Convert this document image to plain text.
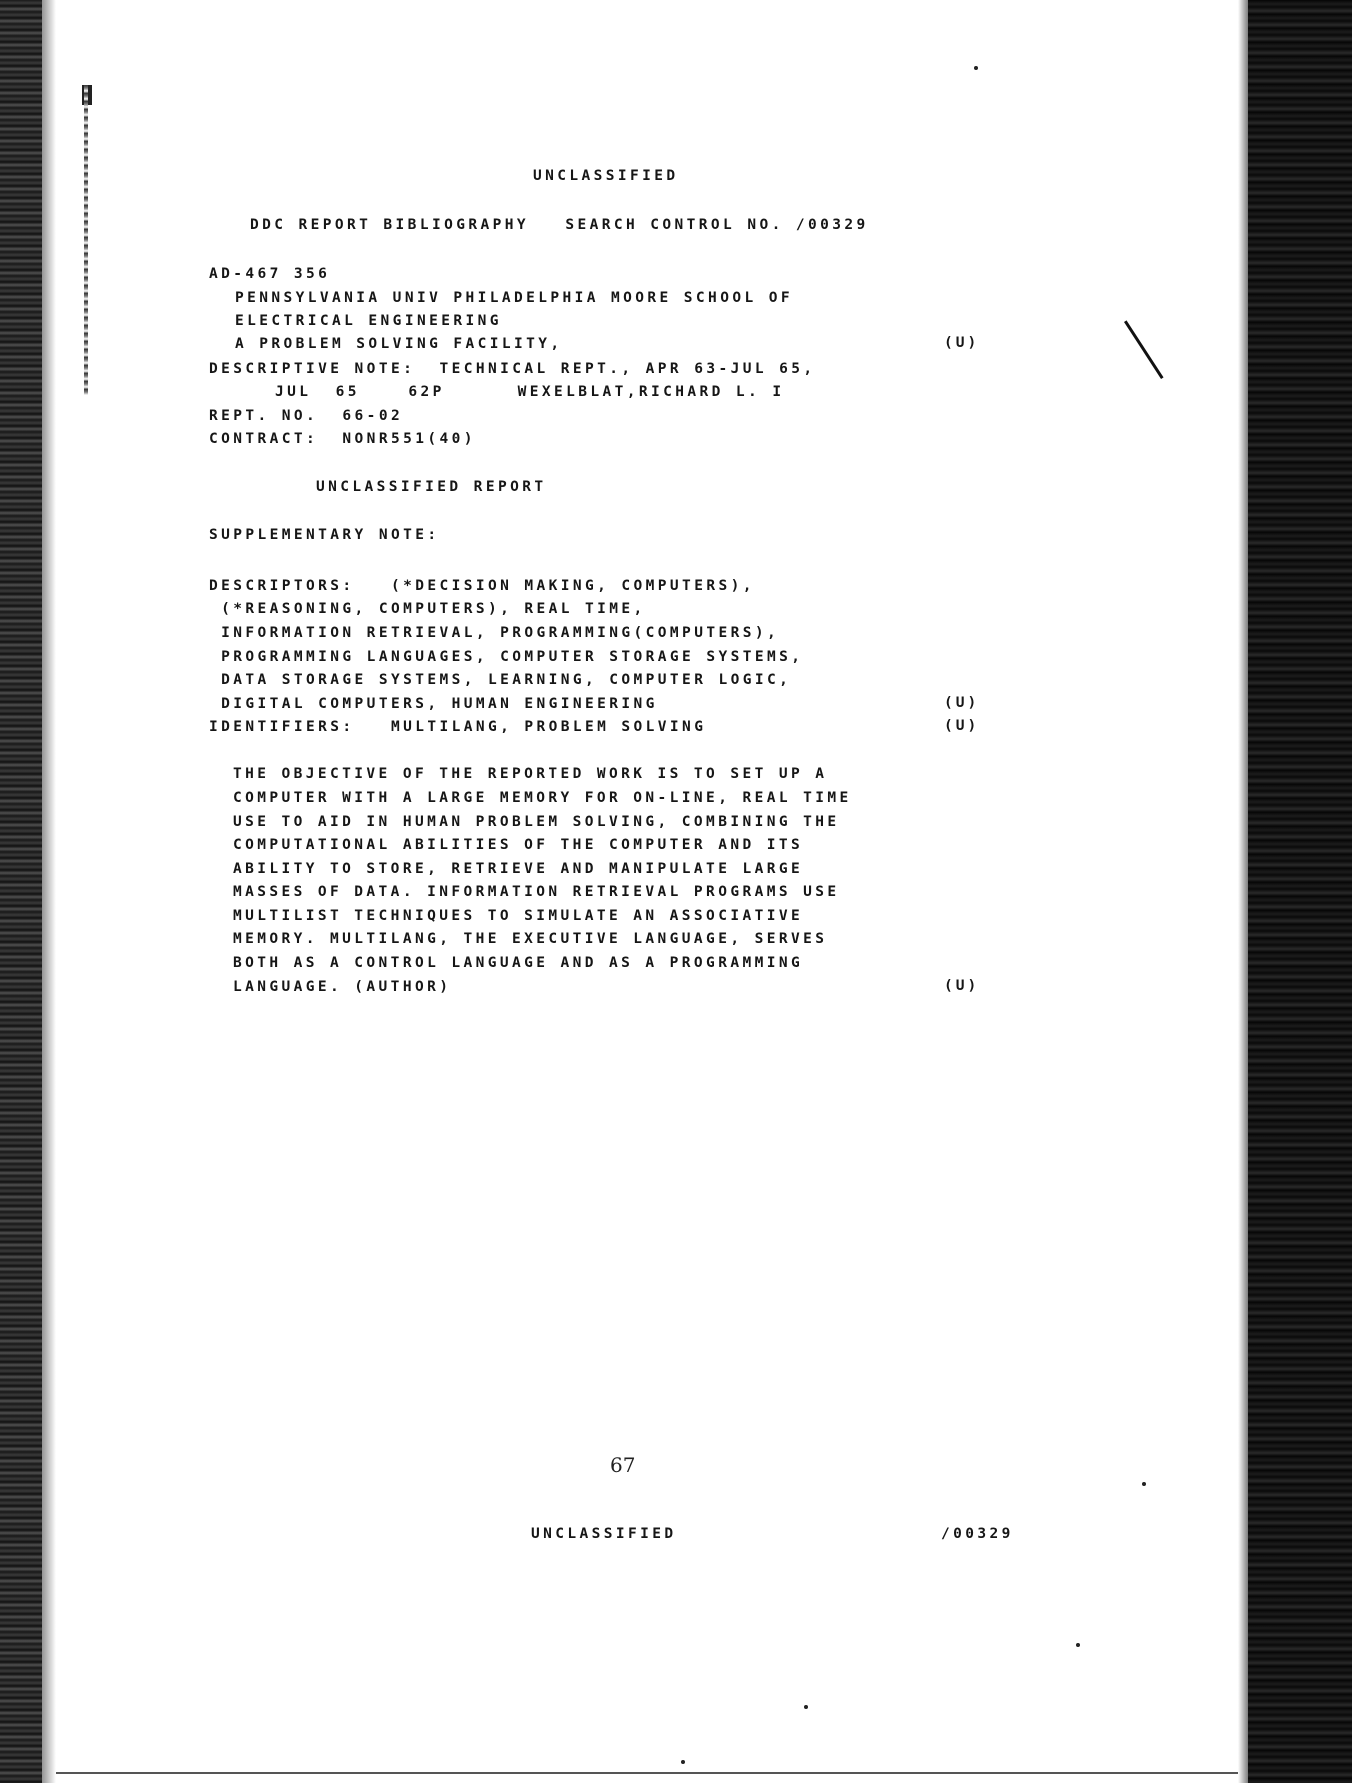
UNCLASSIFIED
DDC REPORT BIBLIOGRAPHY   SEARCH CONTROL NO. /00329
AD-467 356
PENNSYLVANIA UNIV PHILADELPHIA MOORE SCHOOL OF
ELECTRICAL ENGINEERING
A PROBLEM SOLVING FACILITY,	(U)
DESCRIPTIVE NOTE:  TECHNICAL REPT., APR 63-JUL 65,
JUL  65    62P      WEXELBLAT,RICHARD L. I
REPT. NO.  66-02
CONTRACT:  NONR551(40)
UNCLASSIFIED REPORT
SUPPLEMENTARY NOTE:
DESCRIPTORS:   (*DECISION MAKING, COMPUTERS),
(*REASONING, COMPUTERS), REAL TIME,
INFORMATION RETRIEVAL, PROGRAMMING(COMPUTERS),
PROGRAMMING LANGUAGES, COMPUTER STORAGE SYSTEMS,
DATA STORAGE SYSTEMS, LEARNING, COMPUTER LOGIC,
DIGITAL COMPUTERS, HUMAN ENGINEERING	(U)
IDENTIFIERS:   MULTILANG, PROBLEM SOLVING	(U)
THE OBJECTIVE OF THE REPORTED WORK IS TO SET UP A
COMPUTER WITH A LARGE MEMORY FOR ON-LINE, REAL TIME
USE TO AID IN HUMAN PROBLEM SOLVING, COMBINING THE
COMPUTATIONAL ABILITIES OF THE COMPUTER AND ITS
ABILITY TO STORE, RETRIEVE AND MANIPULATE LARGE
MASSES OF DATA. INFORMATION RETRIEVAL PROGRAMS USE
MULTILIST TECHNIQUES TO SIMULATE AN ASSOCIATIVE
MEMORY. MULTILANG, THE EXECUTIVE LANGUAGE, SERVES
BOTH AS A CONTROL LANGUAGE AND AS A PROGRAMMING
LANGUAGE. (AUTHOR)	(U)
67
UNCLASSIFIED	/00329
